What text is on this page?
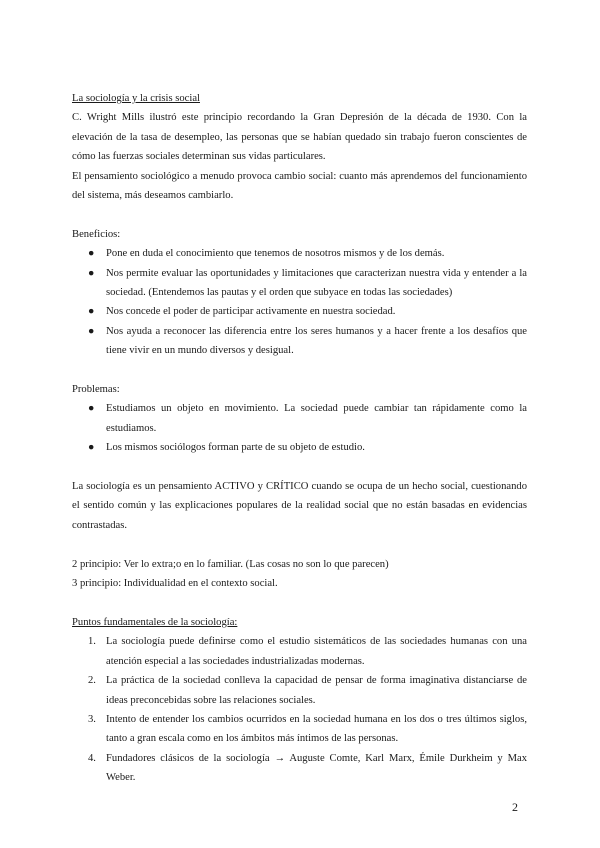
La sociología y la crisis social

C. Wright Mills ilustró este principio recordando la Gran Depresión de la década de 1930. Con la elevación de la tasa de desempleo, las personas que se habían quedado sin trabajo fueron conscientes de cómo las fuerzas sociales determinan sus vidas particulares.

El pensamiento sociológico a menudo provoca cambio social: cuanto más aprendemos del funcionamiento del sistema, más deseamos cambiarlo.

Beneficios:

● Pone en duda el conocimiento que tenemos de nosotros mismos y de los demás.
● Nos permite evaluar las oportunidades y limitaciones que caracterizan nuestra vida y entender a la sociedad. (Entendemos las pautas y el orden que subyace en todas las sociedades)
● Nos concede el poder de participar activamente en nuestra sociedad.
● Nos ayuda a reconocer las diferencia entre los seres humanos y a hacer frente a los desafíos que tiene vivir en un mundo diversos y desigual.

Problemas:

● Estudiamos un objeto en movimiento. La sociedad puede cambiar tan rápidamente como la estudiamos.
● Los mismos sociólogos forman parte de su objeto de estudio.

La sociología es un pensamiento ACTIVO y CRÍTICO cuando se ocupa de un hecho social, cuestionando el sentido común y las explicaciones populares de la realidad social que no están basadas en evidencias contrastadas.

2 principio: Ver lo extra;o en lo familiar. (Las cosas no son lo que parecen)

3 principio: Individualidad en el contexto social.

Puntos fundamentales de la sociología:

1. La sociología puede definirse como el estudio sistemáticos de las sociedades humanas con una atención especial a las sociedades industrializadas modernas.
2. La práctica de la sociedad conlleva la capacidad de pensar de forma imaginativa distanciarse de ideas preconcebidas sobre las relaciones sociales.
3. Intento de entender los cambios ocurridos en la sociedad humana en los dos o tres últimos siglos, tanto a gran escala como en los ámbitos más íntimos de las personas.
4. Fundadores clásicos de la sociología → Auguste Comte, Karl Marx, Émile Durkheim y Max Weber.
2
